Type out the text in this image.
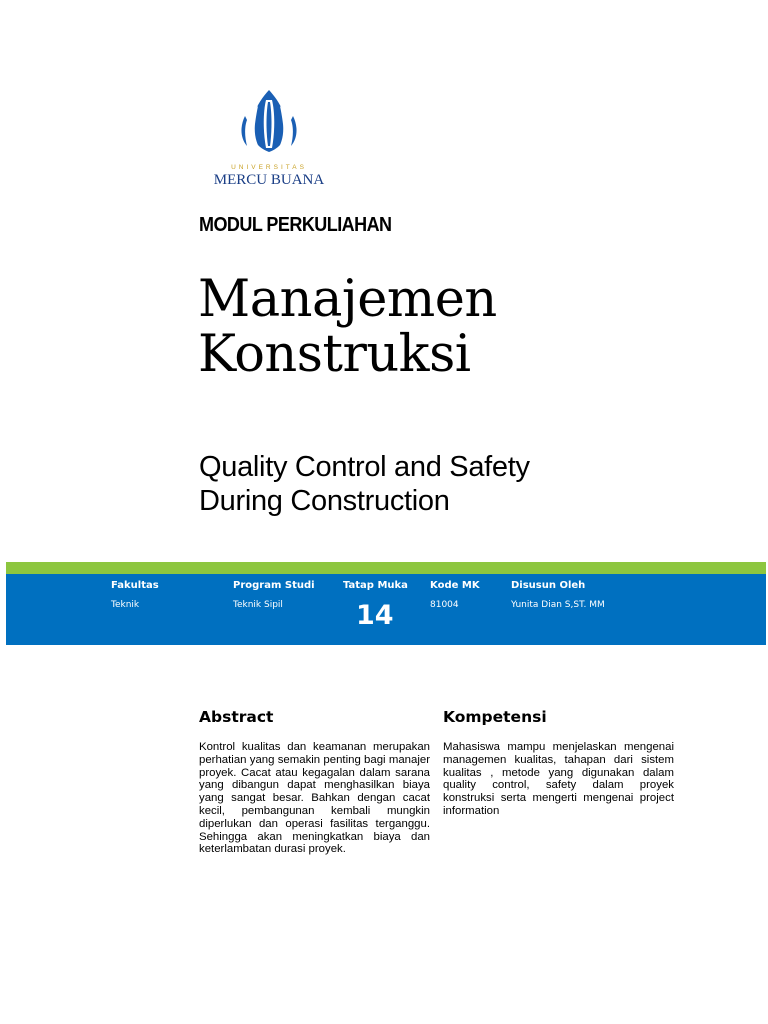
UNIVERSITAS
MERCU BUANA
MODUL PERKULIAHAN
Manajemen
Konstruksi
Quality Control and Safety
During Construction
Fakultas
Teknik
Program Studi
Teknik Sipil
Tatap Muka
14
Kode MK
81004
Disusun Oleh
Yunita Dian S,ST. MM
Abstract
Kontrol kualitas dan keamanan merupakan perhatian yang semakin penting bagi manajer proyek. Cacat atau kegagalan dalam sarana yang dibangun dapat menghasilkan biaya yang sangat besar. Bahkan dengan cacat kecil, pembangunan kembali mungkin diperlukan dan operasi fasilitas terganggu. Sehingga akan meningkatkan biaya dan keterlambatan durasi proyek.
Kompetensi
Mahasiswa mampu menjelaskan mengenai managemen kualitas, tahapan dari sistem kualitas , metode yang digunakan dalam quality control, safety dalam proyek konstruksi serta mengerti mengenai project information
